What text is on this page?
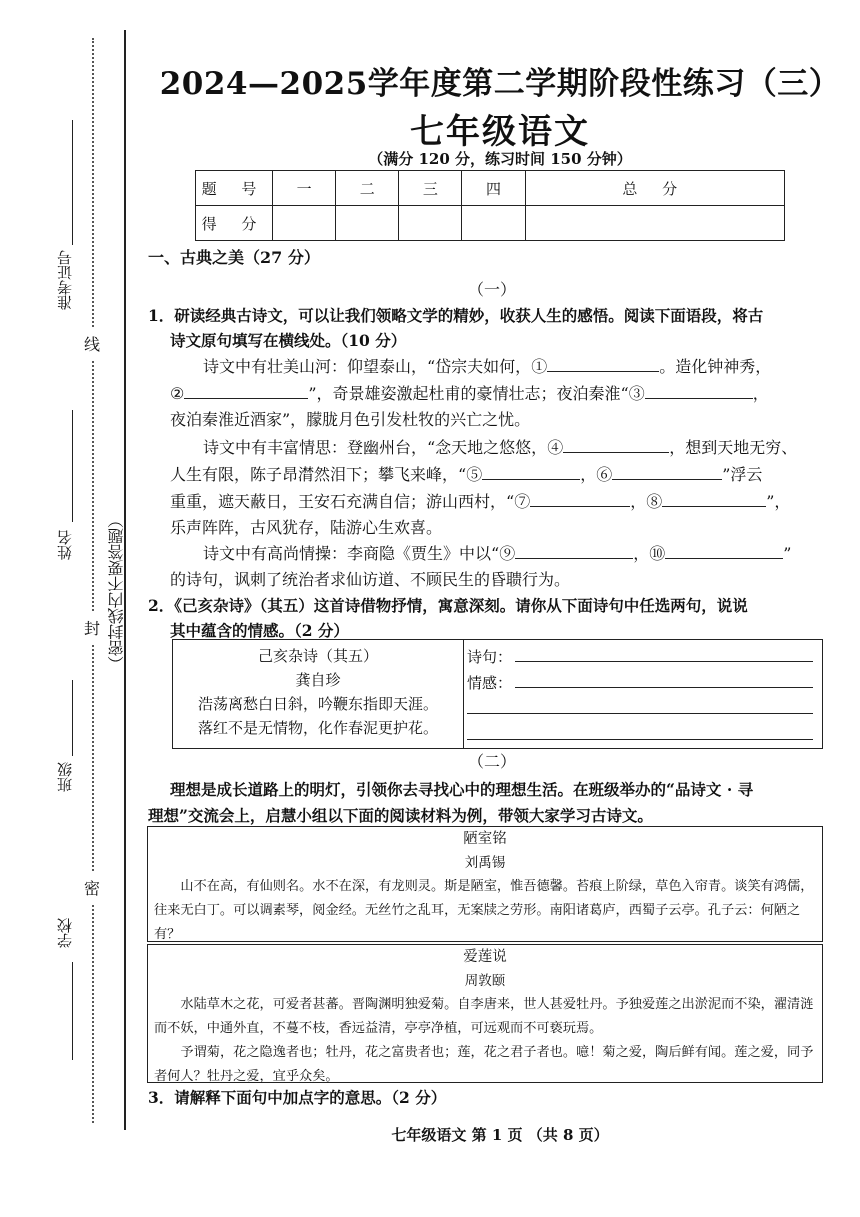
准考证号
线
姓名
封 （密封线内不要答题）
班级
密
学校
2024—2025学年度第二学期阶段性练习（三）
七年级语文
（满分 120 分，练习时间 150 分钟）
题 号	一	二	三	四	总 分
得 分					
一、古典之美（27 分）
（一）
1．研读经典古诗文，可以让我们领略文学的精妙，收获人生的感悟。阅读下面语段，将古
诗文原句填写在横线处。（10 分）
诗文中有壮美山河：仰望泰山，“岱宗夫如何，①	。造化钟神秀，
②	”，奇景雄姿激起杜甫的豪情壮志；夜泊秦淮“③	，
夜泊秦淮近酒家”，朦胧月色引发杜牧的兴亡之忧。
诗文中有丰富情思：登幽州台，“念天地之悠悠，④	，想到天地无穷、
人生有限，陈子昂潸然泪下；攀飞来峰，“⑤	，⑥	”浮云
重重，遮天蔽日，王安石充满自信；游山西村，“⑦	，⑧	”，
乐声阵阵，古风犹存，陆游心生欢喜。
诗文中有高尚情操：李商隐《贾生》中以“⑨	，⑩	”
的诗句，讽刺了统治者求仙访道、不顾民生的昏聩行为。
2．《己亥杂诗》（其五）这首诗借物抒情，寓意深刻。请你从下面诗句中任选两句，说说
其中蕴含的情感。（2 分）
己亥杂诗（其五）
龚自珍
浩荡离愁白日斜，吟鞭东指即天涯。
落红不是无情物，化作春泥更护花。
诗句：
情感：
（二）
理想是成长道路上的明灯，引领你去寻找心中的理想生活。在班级举办的“品诗文 · 寻
理想”交流会上，启慧小组以下面的阅读材料为例，带领大家学习古诗文。
陋室铭
刘禹锡
山不在高，有仙则名。水不在深，有龙则灵。斯是陋室，惟吾德馨。苔痕上阶绿，草色入帘青。谈笑有鸿儒，往来无白丁。可以调素琴，阅金经。无丝竹之乱耳，无案牍之劳形。南阳诸葛庐，西蜀子云亭。孔子云：何陋之有？
爱莲说
周敦颐
水陆草木之花，可爱者甚蕃。晋陶渊明独爱菊。自李唐来，世人甚爱牡丹。予独爱莲之出淤泥而不染，濯清涟而不妖，中通外直，不蔓不枝，香远益清，亭亭净植，可远观而不可亵玩焉。
予谓菊，花之隐逸者也；牡丹，花之富贵者也；莲，花之君子者也。噫！菊之爱，陶后鲜有闻。莲之爱，同予者何人？牡丹之爱，宜乎众矣。
3．请解释下面句中加点字的意思。（2 分）
七年级语文 第 1 页 （共 8 页）
